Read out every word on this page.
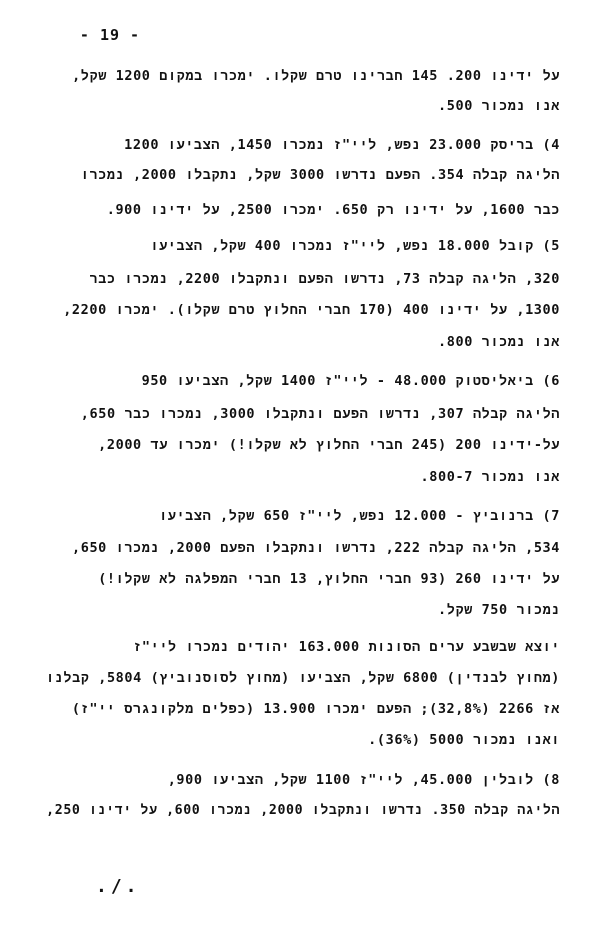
- 19 -
על ידינו 200. 145 חברינו טרם שקלו. ימכרו במקום 1200 שקל,
אנו נמכור 500.
4) בריסק 23.000 נפש, ליי"ז נמכרו 1450, הצביעו 1200
הליגה קבלה 354. הפעם נדרשו 3000 שקל, נתקבלו 2000, נמכרו
כבר 1600, על ידינו רק 650. ימכרו 2500, על ידינו 900.
5) קובל 18.000 נפש, ליי"ז נמכרו 400 שקל, הצביעו
320, הליגה קבלה 73, נדרשו הפעם ונתקבלו 2200, נמכרו כבר
1300, על ידינו 400 (170 חברי החלוץ טרם שקלו). ימכרו 2200,
אנו נמכור 800.
6) ביאליסטוק 48.000 - ליי"ז 1400 שקל, הצביעו 950
הליגה קבלה 307, נדרשו הפעם ונתקבלו 3000, נמכרו כבר 650,
על-ידינו 200 (245 חברי החלוץ לא שקלו!) ימכרו עד 2000,
אנו נמכור 800-7.
7) ברנוביץ - 12.000 נפש, ליי"ז 650 שקל, הצביעו
534, הליגה קבלה 222, נדרשו ונתקבלו הפעם 2000, נמכרו 650,
על ידינו 260 (93 חברי החלוץ, 13 חברי המפלגה לא שקלו!)
נמכור 750 שקל.
יוצא שבשבע ערים הסונות 163.000 יהודים נמכרו ליי"ז
(מחוץ לבנדין) 6800 שקל, הצביעו (מחוץ לסוסנוביץ) 5804, קבלנו
אז 2266 (32,8%); הפעם ימכרו 13.900 (כפלים מלקונגרס יי"ז)
ואנו נמכור 5000 (36%).
8) לובלין 45.000, ליי"ז 1100 שקל, הצביעו 900,
הליגה קבלה 350. נדרשו ונתקבלו 2000, נמכרו 600, על ידינו 250,
./.
